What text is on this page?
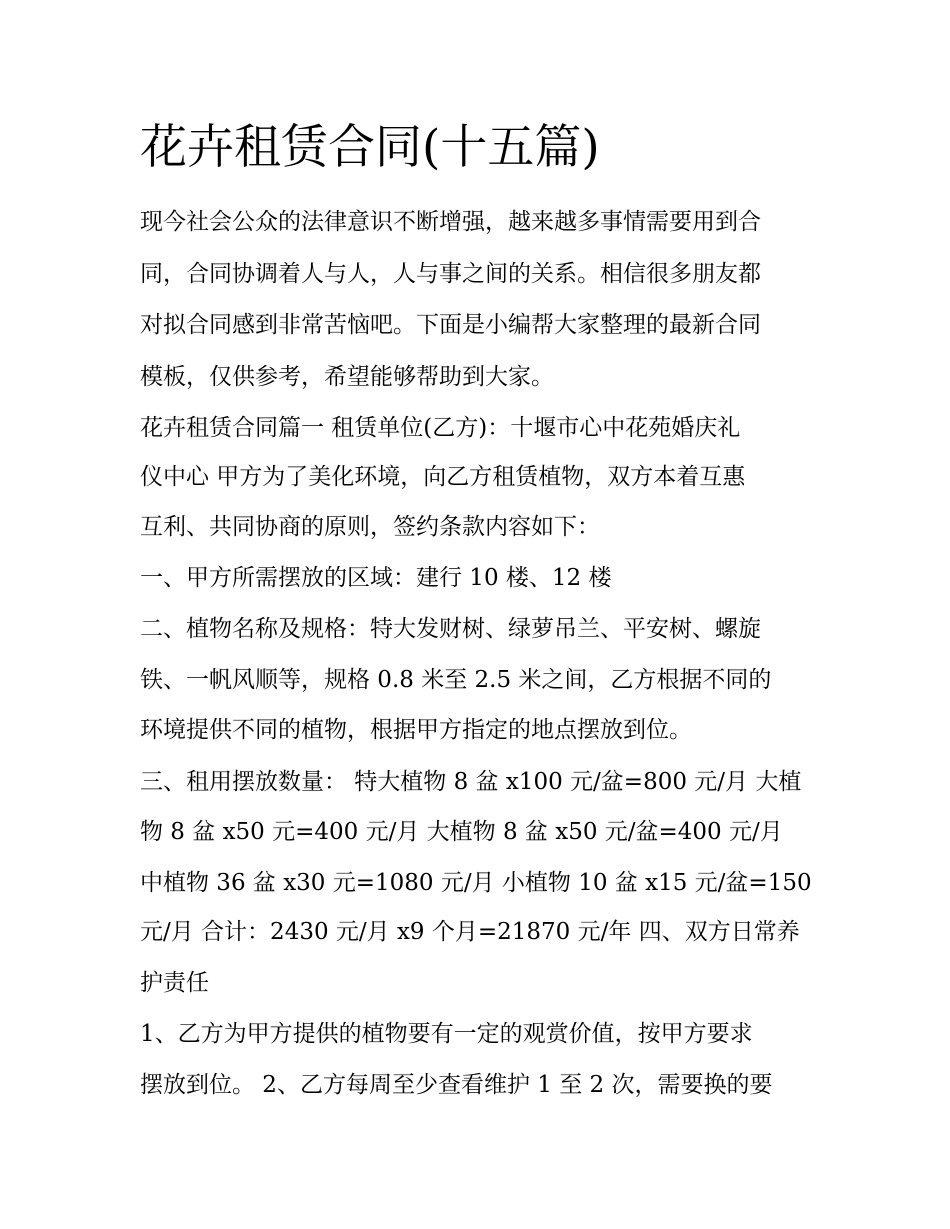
花卉租赁合同(十五篇)

现今社会公众的法律意识不断增强，越来越多事情需要用到合

同，合同协调着人与人，人与事之间的关系。相信很多朋友都

对拟合同感到非常苦恼吧。下面是小编帮大家整理的最新合同

模板，仅供参考，希望能够帮助到大家。

花卉租赁合同篇一 租赁单位(乙方)：十堰市心中花苑婚庆礼

仪中心 甲方为了美化环境，向乙方租赁植物，双方本着互惠

互利、共同协商的原则，签约条款内容如下：

一、甲方所需摆放的区域：建行 10 楼、12 楼

二、植物名称及规格：特大发财树、绿萝吊兰、平安树、螺旋

铁、一帆风顺等，规格 0.8 米至 2.5 米之间，乙方根据不同的

环境提供不同的植物，根据甲方指定的地点摆放到位。

三、租用摆放数量： 特大植物 8 盆 x100 元/盆=800 元/月 大植

物 8 盆 x50 元=400 元/月 大植物 8 盆 x50 元/盆=400 元/月

中植物 36 盆 x30 元=1080 元/月 小植物 10 盆 x15 元/盆=150

元/月 合计：2430 元/月 x9 个月=21870 元/年 四、双方日常养

护责任

1、乙方为甲方提供的植物要有一定的观赏价值，按甲方要求

摆放到位。 2、乙方每周至少查看维护 1 至 2 次，需要换的要
